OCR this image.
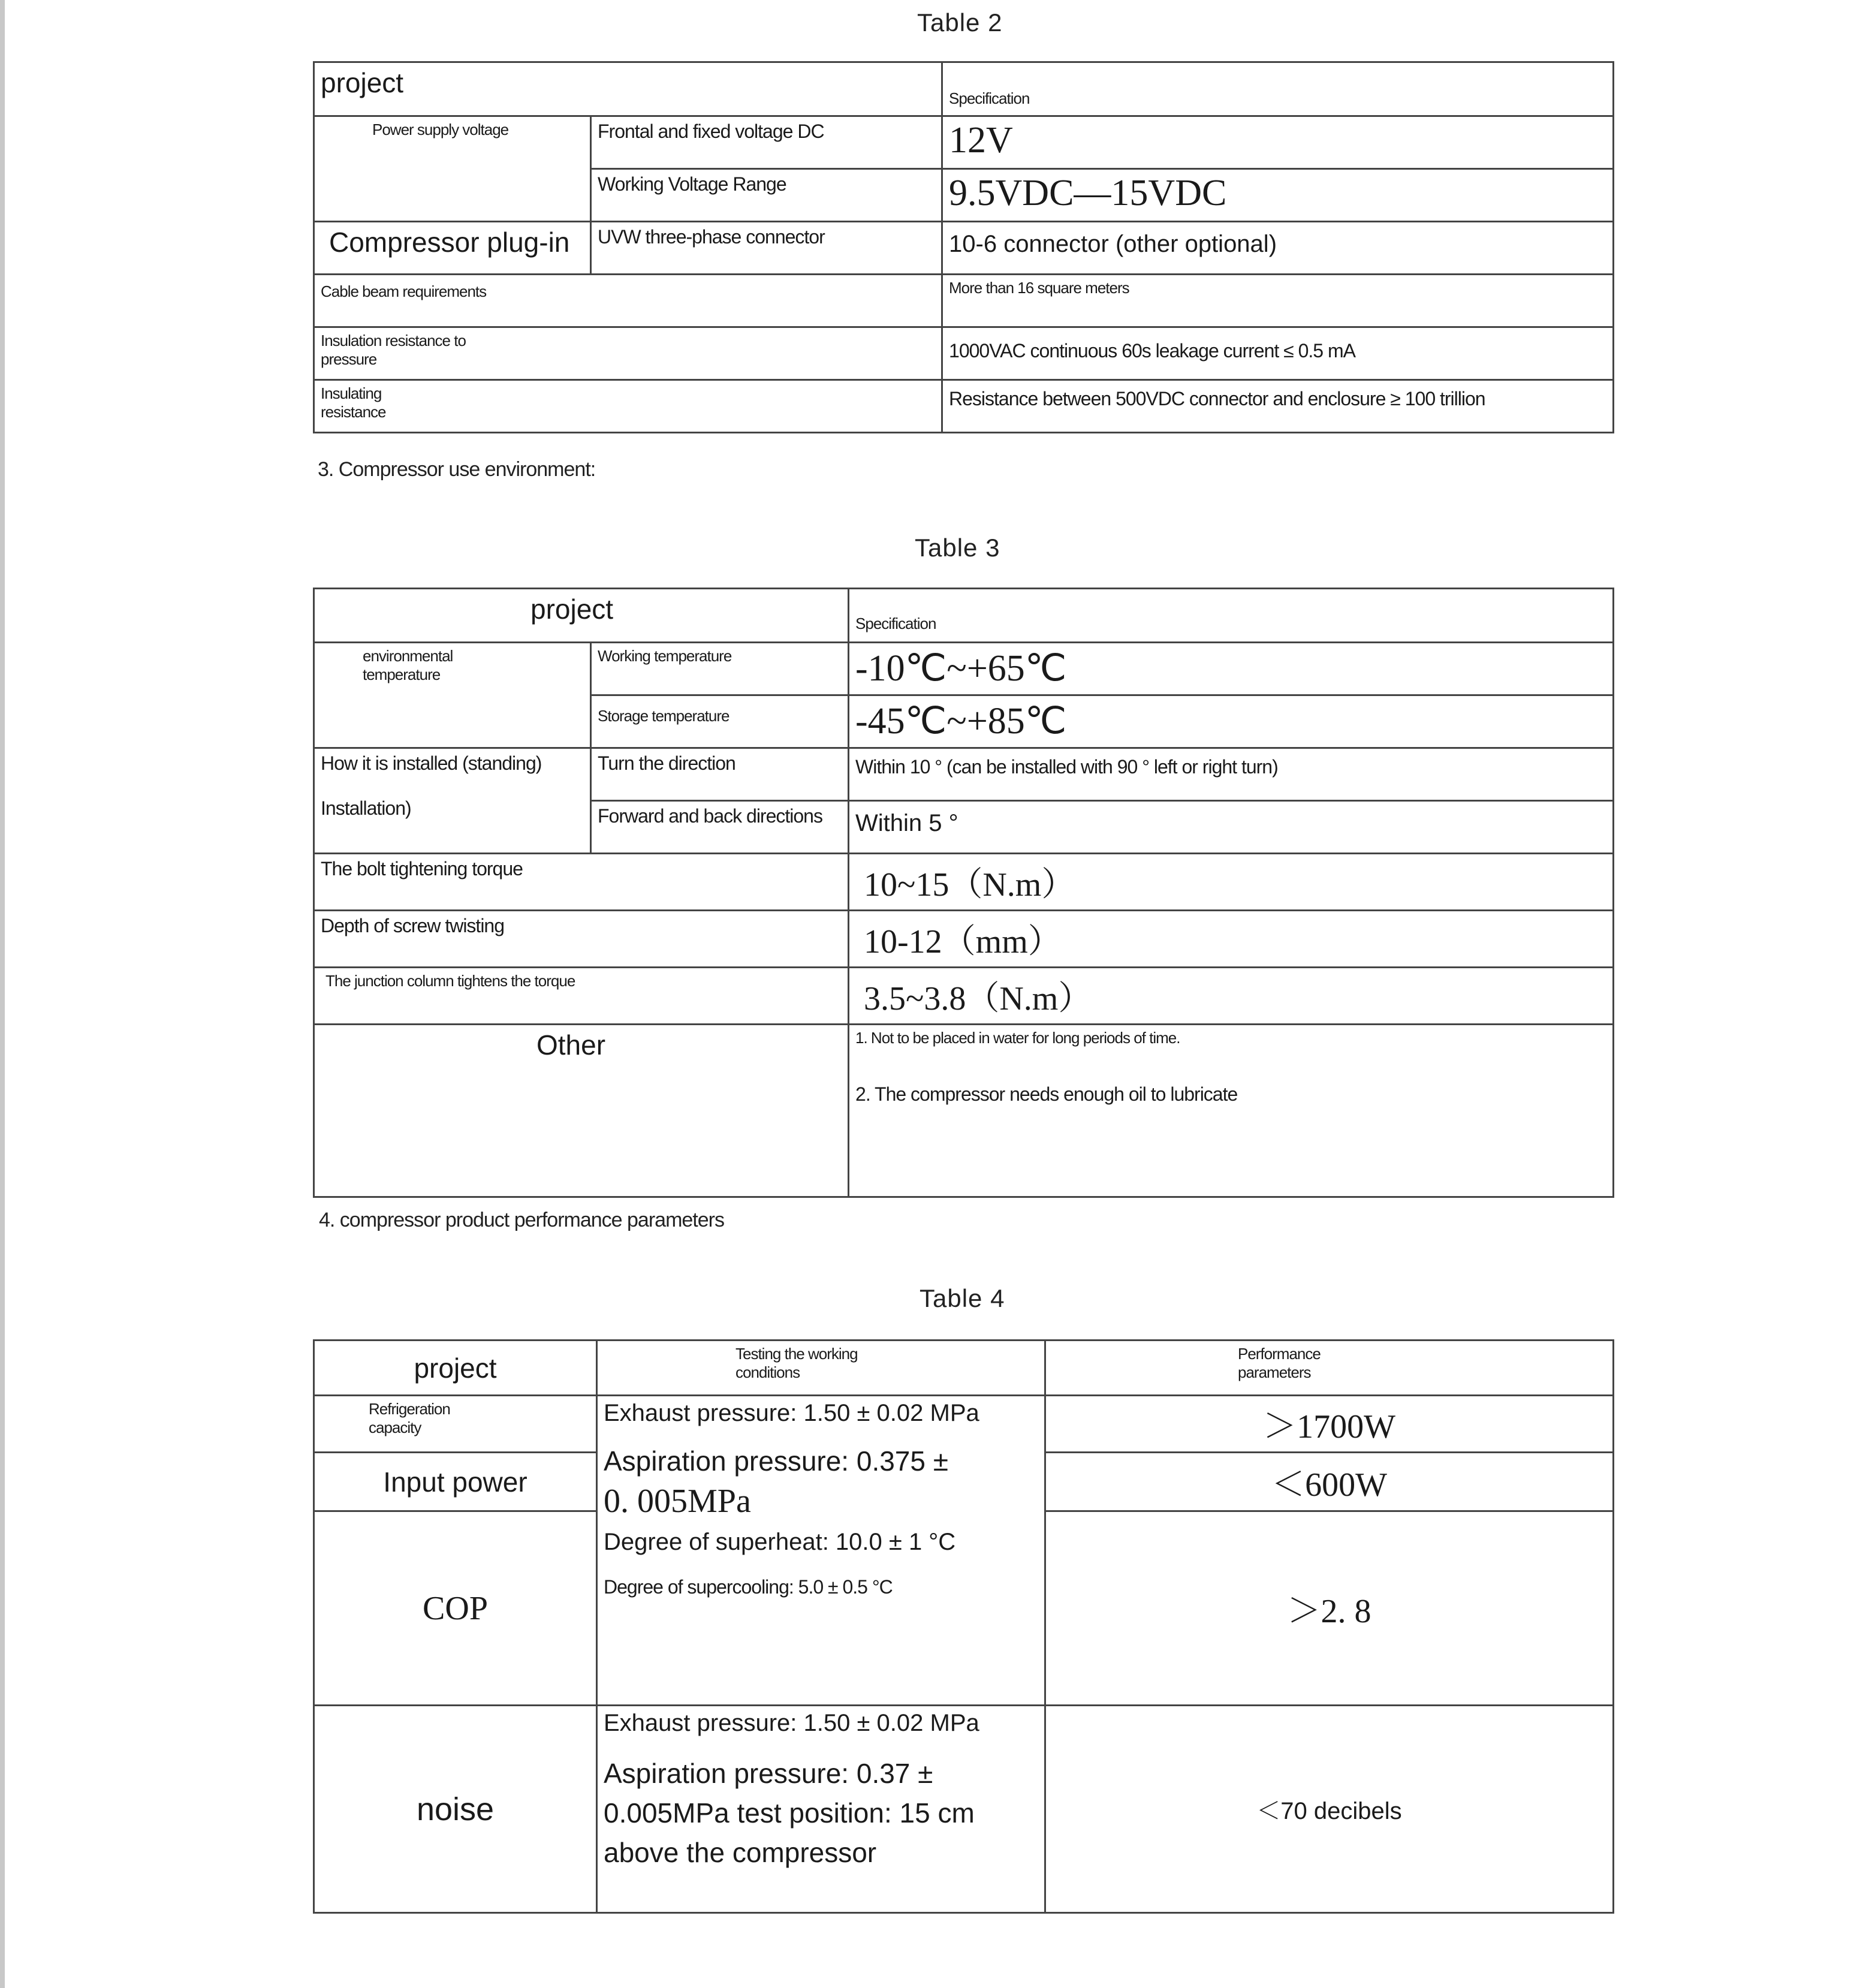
Table 2
project		Specification
Power supply voltage	Frontal and fixed voltage DC	12V
	Working Voltage Range	9.5VDC—15VDC
Compressor plug-in	UVW three-phase connector	10-6 connector (other optional)
Cable beam requirements		More than 16 square meters

Insulation resistance to pressure		1000VAC continuous 60s leakage current ≤ 0.5 mA

Insulating resistance		Resistance between 500VDC connector and enclosure ≥ 100 trillion
3. Compressor use environment:
Table 3
project		Specification

environmental temperature	Working temperature	-10℃~+65℃
	Storage temperature	-45℃~+85℃

How it is installed (standing)
Installation)	Turn the direction	Within 10 ° (can be installed with 90 ° left or right turn)
	Forward and back directions	Within 5 °
The bolt tightening torque		10~15（N.m）
Depth of screw twisting		10-12（mm）
The junction column tightens the torque		3.5~3.8（N.m）
Other		1. Not to be placed in water for long periods of time.
2. The compressor needs enough oil to lubricate
4. compressor product performance parameters
Table 4
project	Testing the working conditions	Performance parameters

Refrigeration capacity	Exhaust pressure: 1.50 ± 0.02 MPa
Aspiration pressure: 0.375 ±
0. 005MPa
Degree of superheat: 10.0 ± 1 °C
Degree of supercooling: 5.0 ± 0.5 °C	＞1700W
Input power		＜600W
COP		＞2. 8
noise	Exhaust pressure: 1.50 ± 0.02 MPa
Aspiration pressure: 0.37 ± 0.005MPa test position: 15 cm above the compressor	＜70 decibels
